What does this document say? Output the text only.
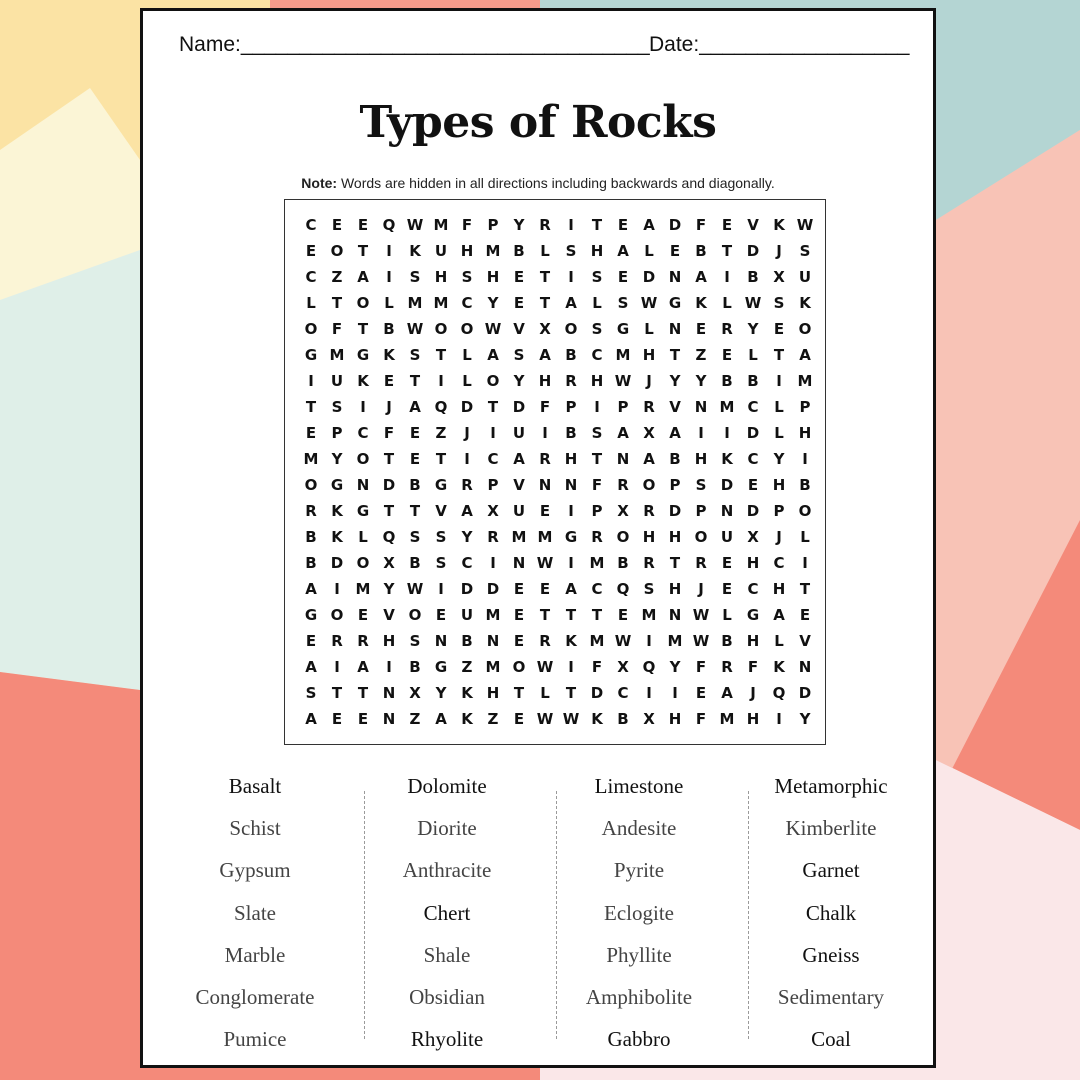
Name:___________________________________ Date:__________________
Types of Rocks
Note: Words are hidden in all directions including backwards and diagonally.
C	E	E Q W M F	P	Y R	I	T	E	A D F	E	V K W
E O T	I	K U H M B	L	S H A	L	E	B	T D	J	S
C	Z A	I	S H S H E	T	I	S	E D N A	I	B X U
L	T O L M M C	Y	E	T	A	L	S W G K	L W S K
O F	T	B W O O W V X O S G	L N E	R Y	E O
G M G K S	T	L	A S A B C M H T	Z	E	L	T	A
I	U K	E	T	I	L O Y H R H W J	Y	Y B B	I	M
T	S	I	J	A Q D T D F	P	I	P R V N M C	L	P
E	P C	F	E	Z	J	I	U	I	B S A X A	I	I	D	L H
M Y O T	E	T	I	C A R H T N A B H K C	Y	I
O G N D B G R P V N N F	R O P	S D E H B
R K G T	T	V A X U E	I	P X R D P N D P O
B K	L Q S	S	Y R M M G R O H H O U X	J	L
B D O X B S	C	I	N W I	M B R	T	R	E H C	I
A	I	M Y W I	D D E	E	A C Q S H	J	E	C H T
G O E	V O E U M E	T	T	T	E M N W L	G A	E
E	R R H S N B N E	R K M W I	M W B H L	V
A	I	A	I	B G Z M O W I	F	X Q Y	F	R	F	K N
S	T	T N X Y K H T	L	T D C	I	I	E	A	J	Q D
A	E	E N Z A K Z	E W W K B X H F M H	I	Y
Basalt
Schist
Gypsum
Slate
Marble
Conglomerate
Pumice
Dolomite
Diorite
Anthracite
Chert
Shale
Obsidian
Rhyolite
Limestone
Andesite
Pyrite
Eclogite
Phyllite
Amphibolite
Gabbro
Metamorphic
Kimberlite
Garnet
Chalk
Gneiss
Sedimentary
Coal
